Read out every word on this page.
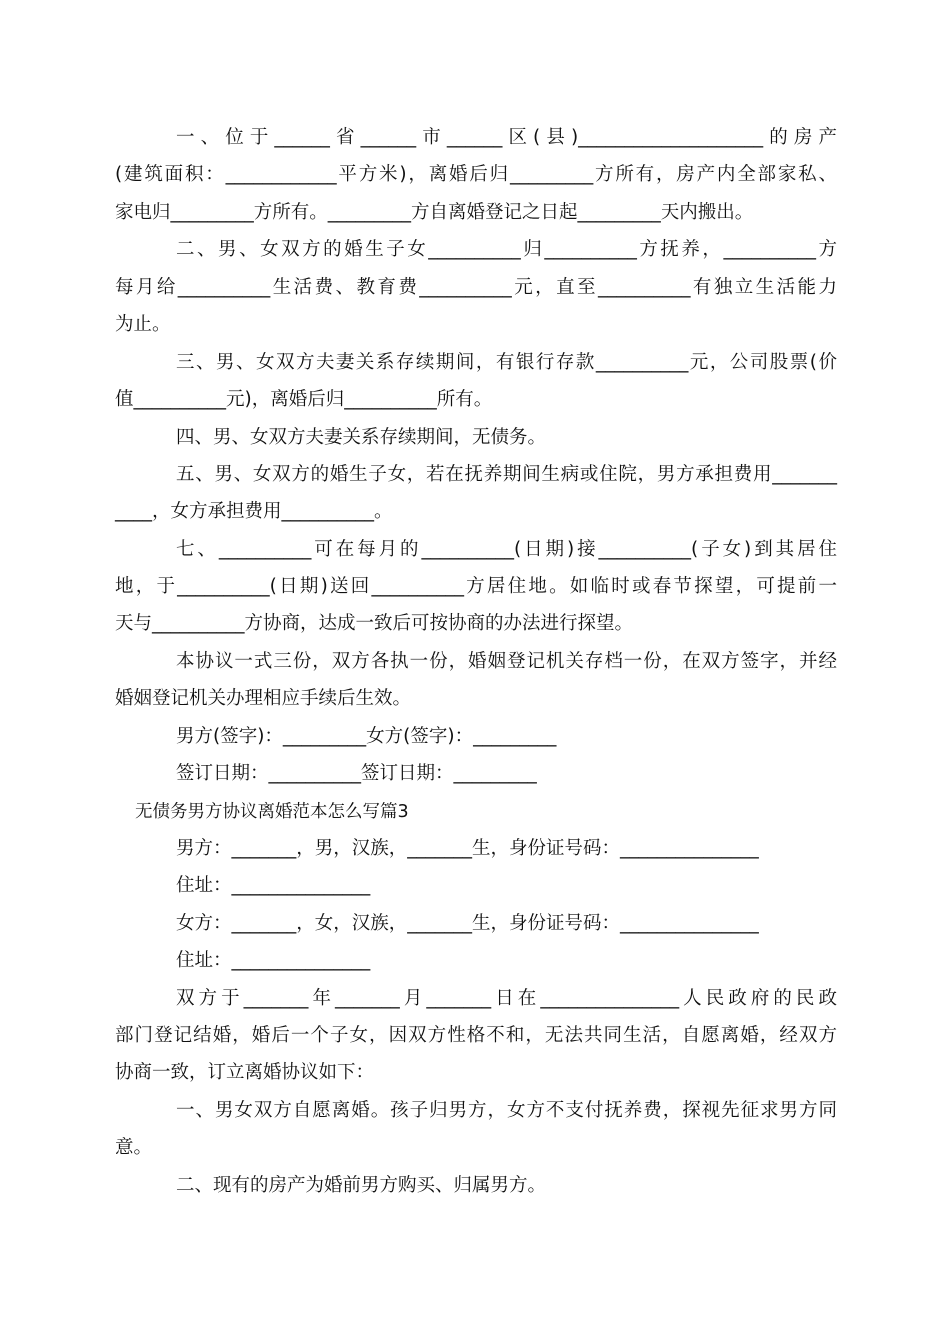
一、位于______省______市______区(县)____________________的房产
(建筑面积：____________平方米)，离婚后归_________方所有，房产内全部家私、
家电归_________方所有。_________方自离婚登记之日起_________天内搬出。
二、男、女双方的婚生子女__________归__________方抚养，__________方
每月给__________生活费、教育费__________元，直至__________有独立生活能力
为止。
三、男、女双方夫妻关系存续期间，有银行存款__________元，公司股票(价
值__________元)，离婚后归__________所有。
四、男、女双方夫妻关系存续期间，无债务。
五、男、女双方的婚生子女，若在抚养期间生病或住院，男方承担费用_______
____，女方承担费用__________。
七、__________可在每月的__________(日期)接__________(子女)到其居住
地，于__________(日期)送回__________方居住地。如临时或春节探望，可提前一
天与__________方协商，达成一致后可按协商的办法进行探望。
本协议一式三份，双方各执一份，婚姻登记机关存档一份，在双方签字，并经
婚姻登记机关办理相应手续后生效。
男方(签字)：_________女方(签字)：_________
签订日期：__________签订日期：_________
无债务男方协议离婚范本怎么写篇3
男方：_______，男，汉族，_______生，身份证号码：_______________
住址：_______________
女方：_______，女，汉族，_______生，身份证号码：_______________
住址：_______________
双方于_______年_______月_______日在_______________人民政府的民政
部门登记结婚，婚后一个子女，因双方性格不和，无法共同生活，自愿离婚，经双方
协商一致，订立离婚协议如下：
一、男女双方自愿离婚。孩子归男方，女方不支付抚养费，探视先征求男方同
意。
二、现有的房产为婚前男方购买、归属男方。
